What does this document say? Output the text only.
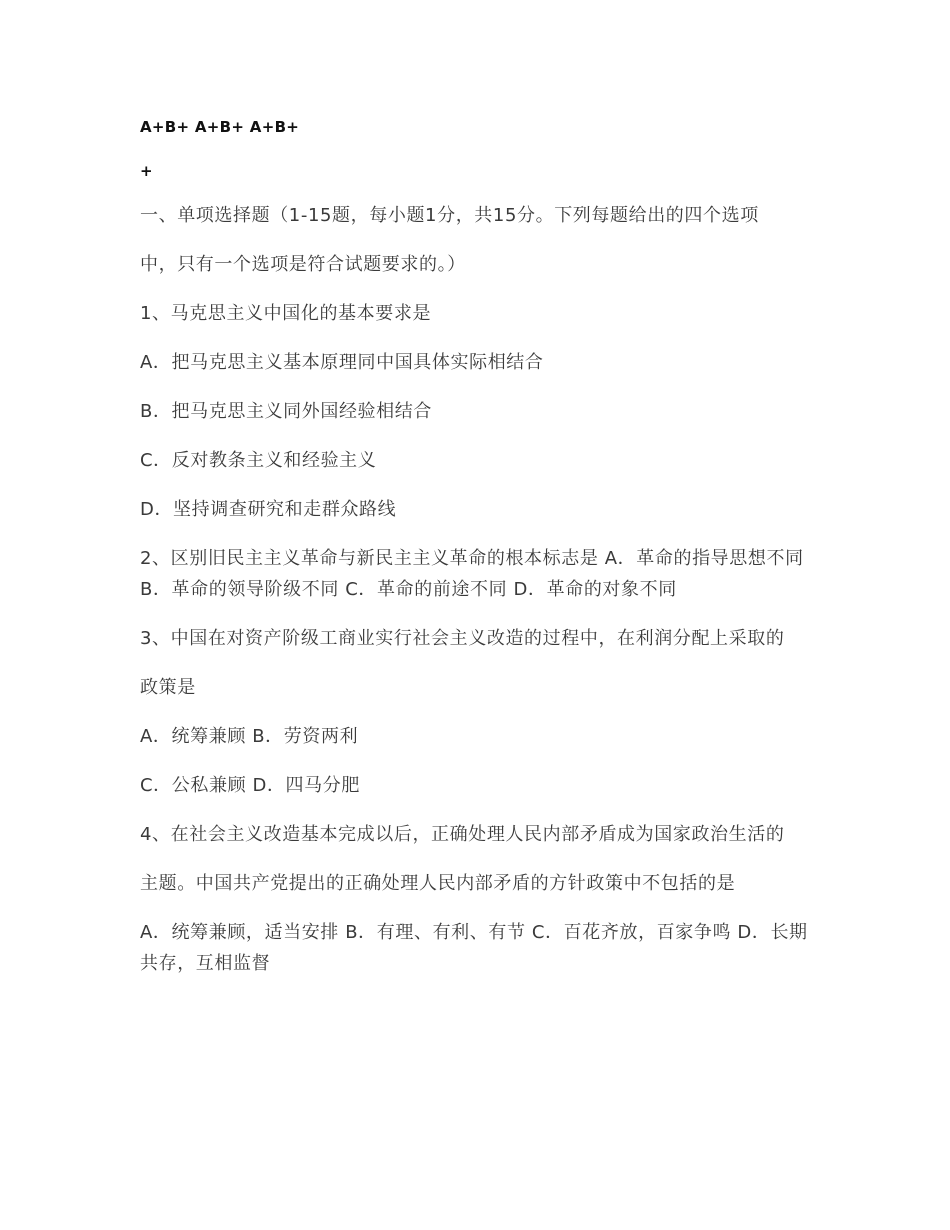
A+B+ A+B+ A+B+
+
一、单项选择题（1-15题，每小题1分，共15分。下列每题给出的四个选项
中，只有一个选项是符合试题要求的。）
1、马克思主义中国化的基本要求是
A．把马克思主义基本原理同中国具体实际相结合
B．把马克思主义同外国经验相结合
C．反对教条主义和经验主义
D．坚持调查研究和走群众路线
2、区别旧民主主义革命与新民主主义革命的根本标志是 A．革命的指导思想不同 B．革命的领导阶级不同 C．革命的前途不同 D．革命的对象不同
3、中国在对资产阶级工商业实行社会主义改造的过程中，在利润分配上采取的
政策是
A．统筹兼顾 B．劳资两利
C．公私兼顾 D．四马分肥
4、在社会主义改造基本完成以后，正确处理人民内部矛盾成为国家政治生活的
主题。中国共产党提出的正确处理人民内部矛盾的方针政策中不包括的是
A．统筹兼顾，适当安排 B．有理、有利、有节 C．百花齐放，百家争鸣 D．长期共存，互相监督
